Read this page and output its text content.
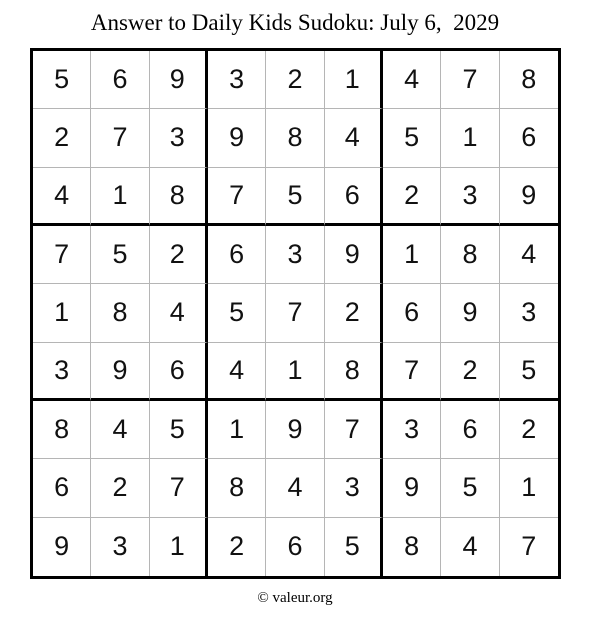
Answer to Daily Kids Sudoku: July 6,  2029
5	6	9	3	2	1	4	7	8
2	7	3	9	8	4	5	1	6
4	1	8	7	5	6	2	3	9
7	5	2	6	3	9	1	8	4
1	8	4	5	7	2	6	9	3
3	9	6	4	1	8	7	2	5
8	4	5	1	9	7	3	6	2
6	2	7	8	4	3	9	5	1
9	3	1	2	6	5	8	4	7
© valeur.org
